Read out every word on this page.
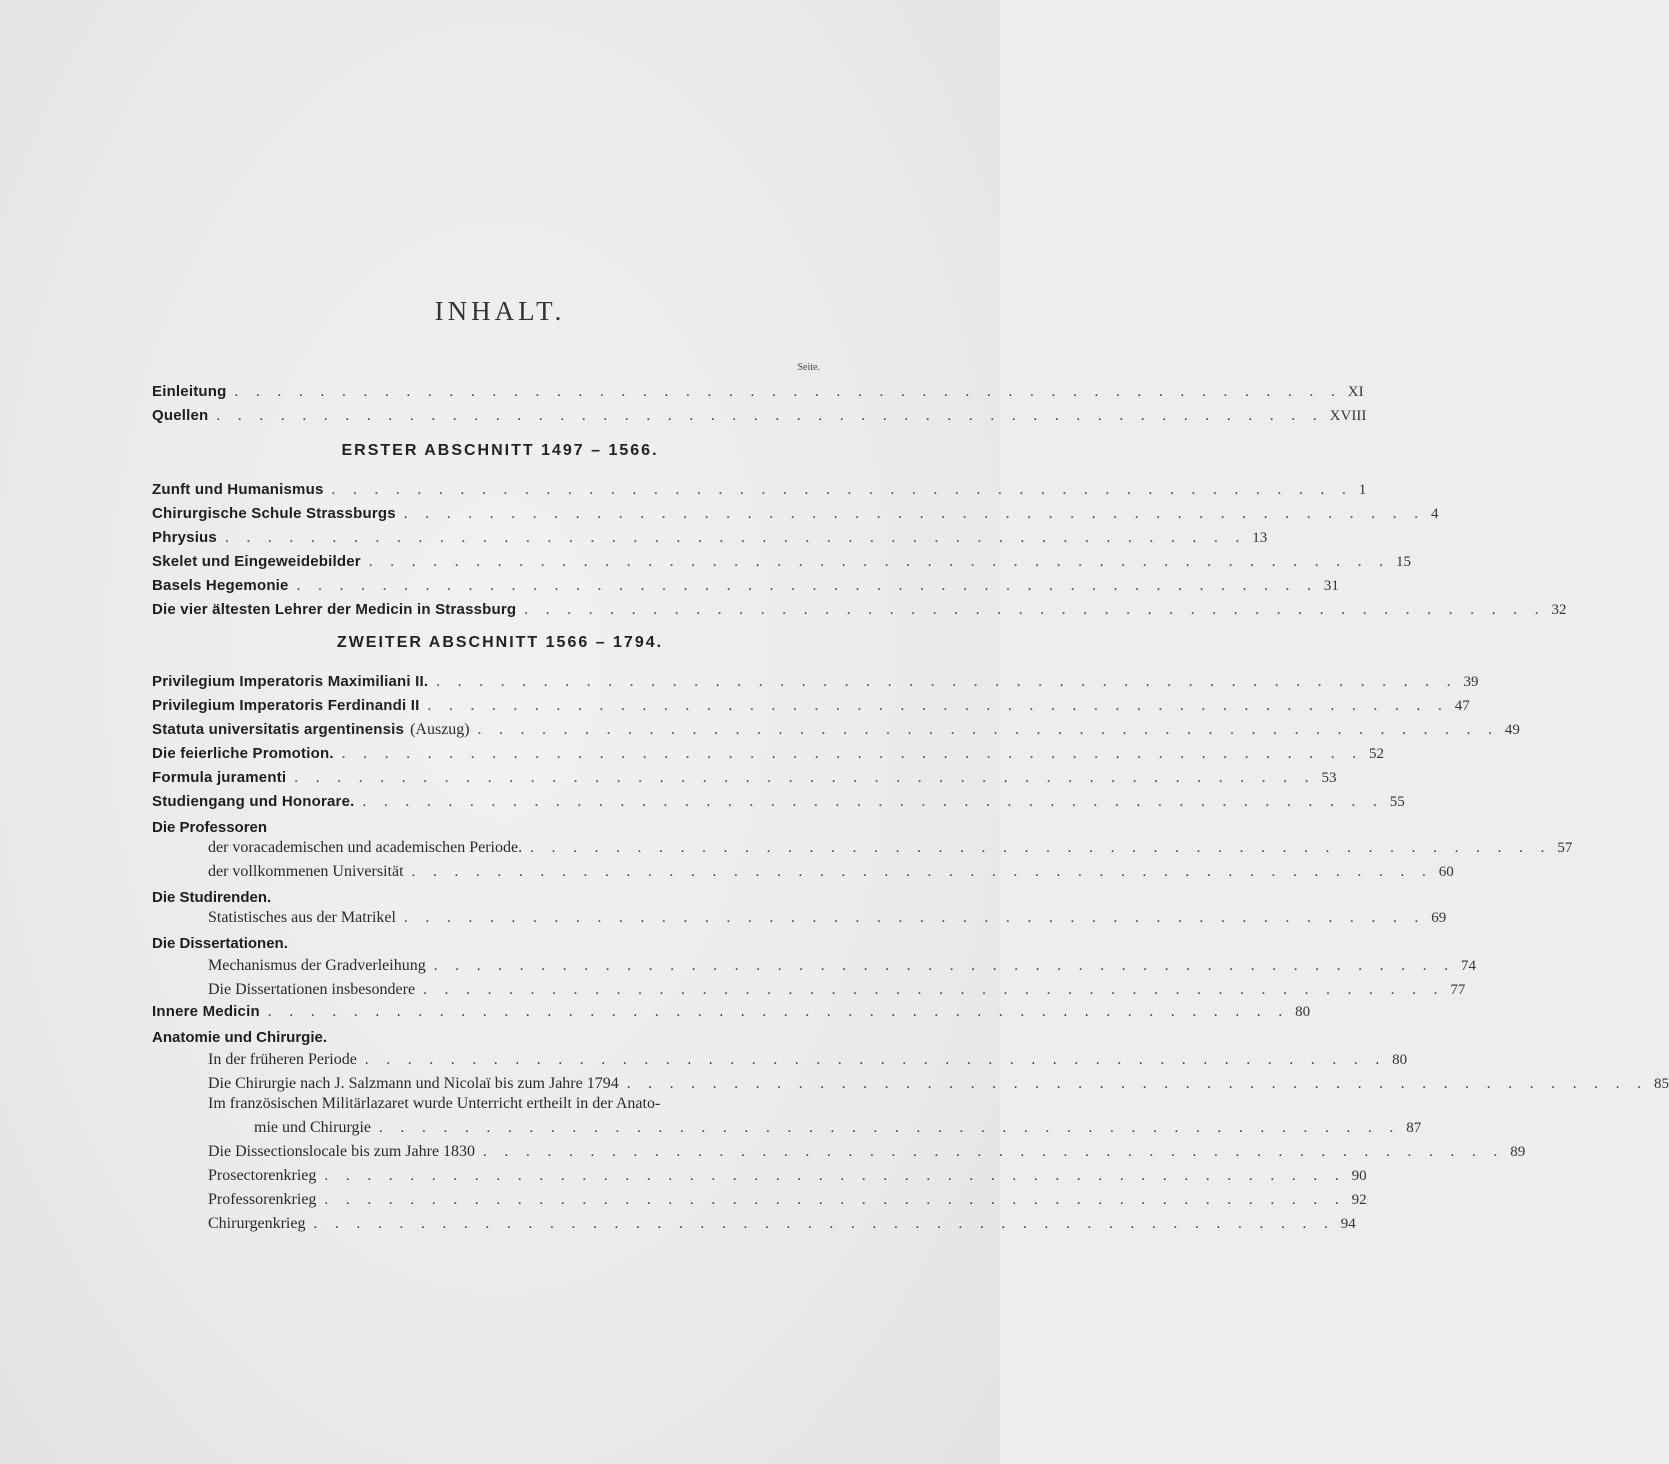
INHALT.
Seite.
Einleitung . . . . . . . . . . . . . . . . . . . . . . . . . . . . . . . . . . . . . . . . . . . . . . . . . . . . XI
Quellen . . . . . . . . . . . . . . . . . . . . . . . . . . . . . . . . . . . . . . . . . . . . . . . . . . . . XVIII
ERSTER ABSCHNITT 1497 – 1566.
Zunft und Humanismus . . . . . . . . . . . . . . . . . . . . . . . . . . . . . . . . . . . . . . . . . . . . . . . . 1
Chirurgische Schule Strassburgs . . . . . . . . . . . . . . . . . . . . . . . . . . . . . . . . . . . . . . . . . . . . . . . . 4
Phrysius . . . . . . . . . . . . . . . . . . . . . . . . . . . . . . . . . . . . . . . . . . . . . . . . 13
Skelet und Eingeweidebilder . . . . . . . . . . . . . . . . . . . . . . . . . . . . . . . . . . . . . . . . . . . . . . . . 15
Basels Hegemonie . . . . . . . . . . . . . . . . . . . . . . . . . . . . . . . . . . . . . . . . . . . . . . . . 31
Die vier ältesten Lehrer der Medicin in Strassburg . . . . . . . . . . . . . . . . . . . . . . . . . . . . . . . . . . . . . . . . . . . . . . . . 32
ZWEITER ABSCHNITT 1566 – 1794.
Privilegium Imperatoris Maximiliani II. . . . . . . . . . . . . . . . . . . . . . . . . . . . . . . . . . . . . . . . . . . . . . . . . 39
Privilegium Imperatoris Ferdinandi II . . . . . . . . . . . . . . . . . . . . . . . . . . . . . . . . . . . . . . . . . . . . . . . . 47
Statuta universitatis argentinensis (Auszug) . . . . . . . . . . . . . . . . . . . . . . . . . . . . . . . . . . . . . . . . . . . . . . . . 49
Die feierliche Promotion. . . . . . . . . . . . . . . . . . . . . . . . . . . . . . . . . . . . . . . . . . . . . . . . . 52
Formula juramenti . . . . . . . . . . . . . . . . . . . . . . . . . . . . . . . . . . . . . . . . . . . . . . . . 53
Studiengang und Honorare. . . . . . . . . . . . . . . . . . . . . . . . . . . . . . . . . . . . . . . . . . . . . . . . . 55
Die Professoren
der voracademischen und academischen Periode. . . . . . . . . . . . . . . . . . . . . . . . . . . . . . . . . . . . . . . . . . . . . . . . . 57
der vollkommenen Universität . . . . . . . . . . . . . . . . . . . . . . . . . . . . . . . . . . . . . . . . . . . . . . . . 60
Die Studirenden.
Statistisches aus der Matrikel . . . . . . . . . . . . . . . . . . . . . . . . . . . . . . . . . . . . . . . . . . . . . . . . 69
Die Dissertationen.
Mechanismus der Gradverleihung . . . . . . . . . . . . . . . . . . . . . . . . . . . . . . . . . . . . . . . . . . . . . . . . 74
Die Dissertationen insbesondere . . . . . . . . . . . . . . . . . . . . . . . . . . . . . . . . . . . . . . . . . . . . . . . . 77
Innere Medicin . . . . . . . . . . . . . . . . . . . . . . . . . . . . . . . . . . . . . . . . . . . . . . . . 80
Anatomie und Chirurgie.
In der früheren Periode . . . . . . . . . . . . . . . . . . . . . . . . . . . . . . . . . . . . . . . . . . . . . . . . 80
Die Chirurgie nach J. Salzmann und Nicolaï bis zum Jahre 1794 . . . . . . . . . . . . . . . . . . . . . . . . . . . . . . . . . . . . . . . . . . . . . . . . 85
Im französischen Militärlazaret wurde Unterricht ertheilt in der Anato-
mie und Chirurgie . . . . . . . . . . . . . . . . . . . . . . . . . . . . . . . . . . . . . . . . . . . . . . . . 87
Die Dissectionslocale bis zum Jahre 1830 . . . . . . . . . . . . . . . . . . . . . . . . . . . . . . . . . . . . . . . . . . . . . . . . 89
Prosectorenkrieg . . . . . . . . . . . . . . . . . . . . . . . . . . . . . . . . . . . . . . . . . . . . . . . . 90
Professorenkrieg . . . . . . . . . . . . . . . . . . . . . . . . . . . . . . . . . . . . . . . . . . . . . . . . 92
Chirurgenkrieg . . . . . . . . . . . . . . . . . . . . . . . . . . . . . . . . . . . . . . . . . . . . . . . . 94
